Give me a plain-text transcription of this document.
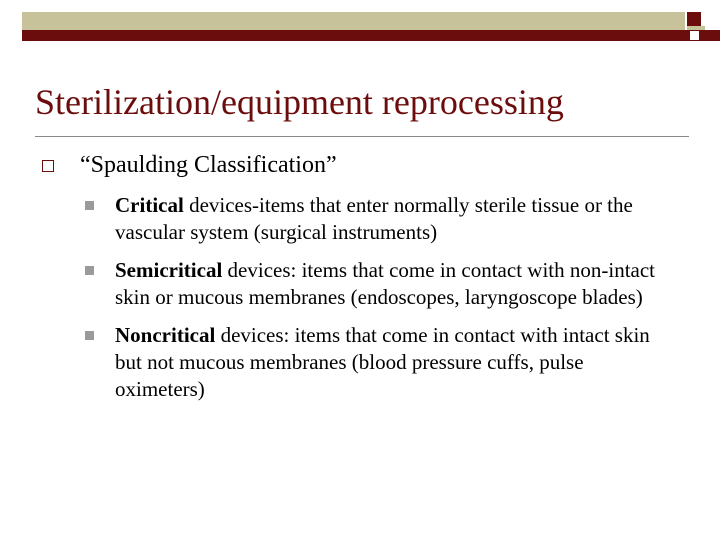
Sterilization/equipment reprocessing
“Spaulding Classification”
Critical devices-items that enter normally sterile tissue or the vascular system (surgical instruments)
Semicritical devices: items that come in contact with non-intact skin or mucous membranes (endoscopes, laryngoscope blades)
Noncritical devices: items that come in contact with intact skin but not mucous membranes (blood pressure cuffs, pulse oximeters)
